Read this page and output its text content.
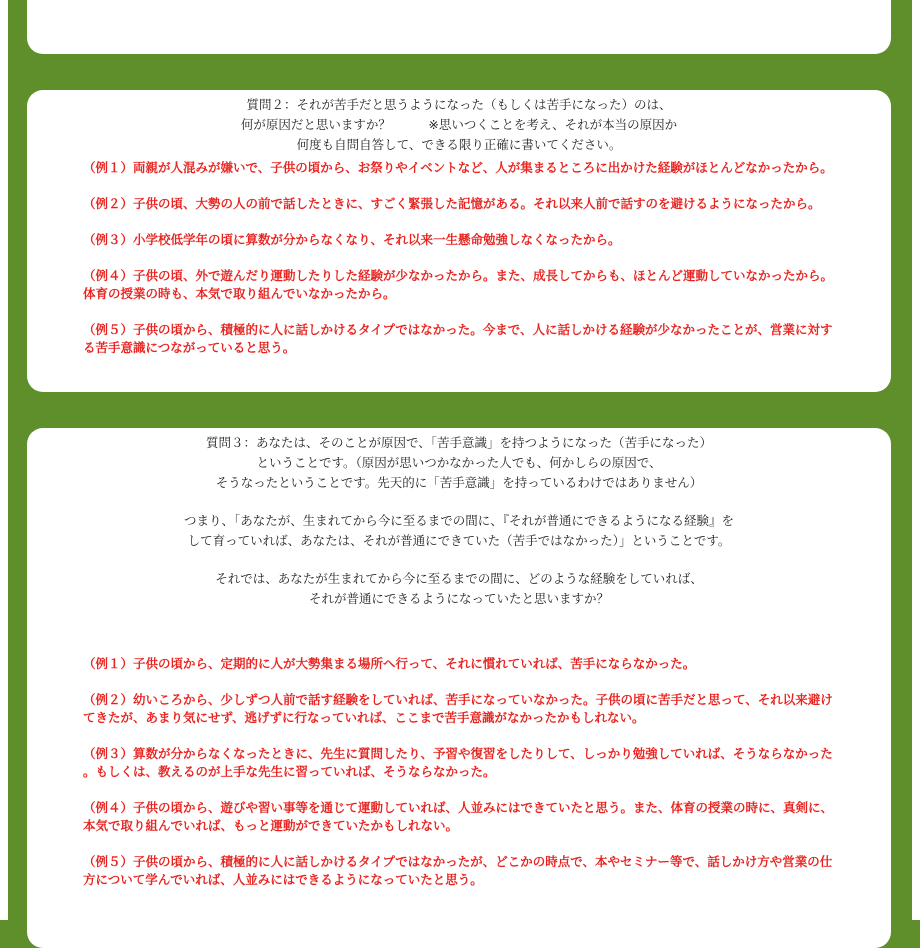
質問２：それが苦手だと思うようになった（もしくは苦手になった）のは、
何が原因だと思いますか？　　　※思いつくことを考え、それが本当の原因か
何度も自問自答して、できる限り正確に書いてください。

（例１）両親が人混みが嫌いで、子供の頃から、お祭りやイベントなど、人が集まるところに出かけた経験がほとんどなかったから。

（例２）子供の頃、大勢の人の前で話したときに、すごく緊張した記憶がある。それ以来人前で話すのを避けるようになったから。

（例３）小学校低学年の頃に算数が分からなくなり、それ以来一生懸命勉強しなくなったから。

（例４）子供の頃、外で遊んだり運動したりした経験が少なかったから。また、成長してからも、ほとんど運動していなかったから。体育の授業の時も、本気で取り組んでいなかったから。

（例５）子供の頃から、積極的に人に話しかけるタイプではなかった。今まで、人に話しかける経験が少なかったことが、営業に対する苦手意識につながっていると思う。

質問３：あなたは、そのことが原因で、「苦手意識」を持つようになった（苦手になった）
ということです。（原因が思いつかなかった人でも、何かしらの原因で、
そうなったということです。先天的に「苦手意識」を持っているわけではありません）
つまり、「あなたが、生まれてから今に至るまでの間に、『それが普通にできるようになる経験』を
して育っていれば、あなたは、それが普通にできていた（苦手ではなかった）」ということです。
それでは、あなたが生まれてから今に至るまでの間に、どのような経験をしていれば、
それが普通にできるようになっていたと思いますか？

（例１）子供の頃から、定期的に人が大勢集まる場所へ行って、それに慣れていれば、苦手にならなかった。

（例２）幼いころから、少しずつ人前で話す経験をしていれば、苦手になっていなかった。子供の頃に苦手だと思って、それ以来避けてきたが、あまり気にせず、逃げずに行なっていれば、ここまで苦手意識がなかったかもしれない。

（例３）算数が分からなくなったときに、先生に質問したり、予習や復習をしたりして、しっかり勉強していれば、そうならなかった。もしくは、教えるのが上手な先生に習っていれば、そうならなかった。

（例４）子供の頃から、遊びや習い事等を通じて運動していれば、人並みにはできていたと思う。また、体育の授業の時に、真剣に、本気で取り組んでいれば、もっと運動ができていたかもしれない。

（例５）子供の頃から、積極的に人に話しかけるタイプではなかったが、どこかの時点で、本やセミナー等で、話しかけ方や営業の仕方について学んでいれば、人並みにはできるようになっていたと思う。
